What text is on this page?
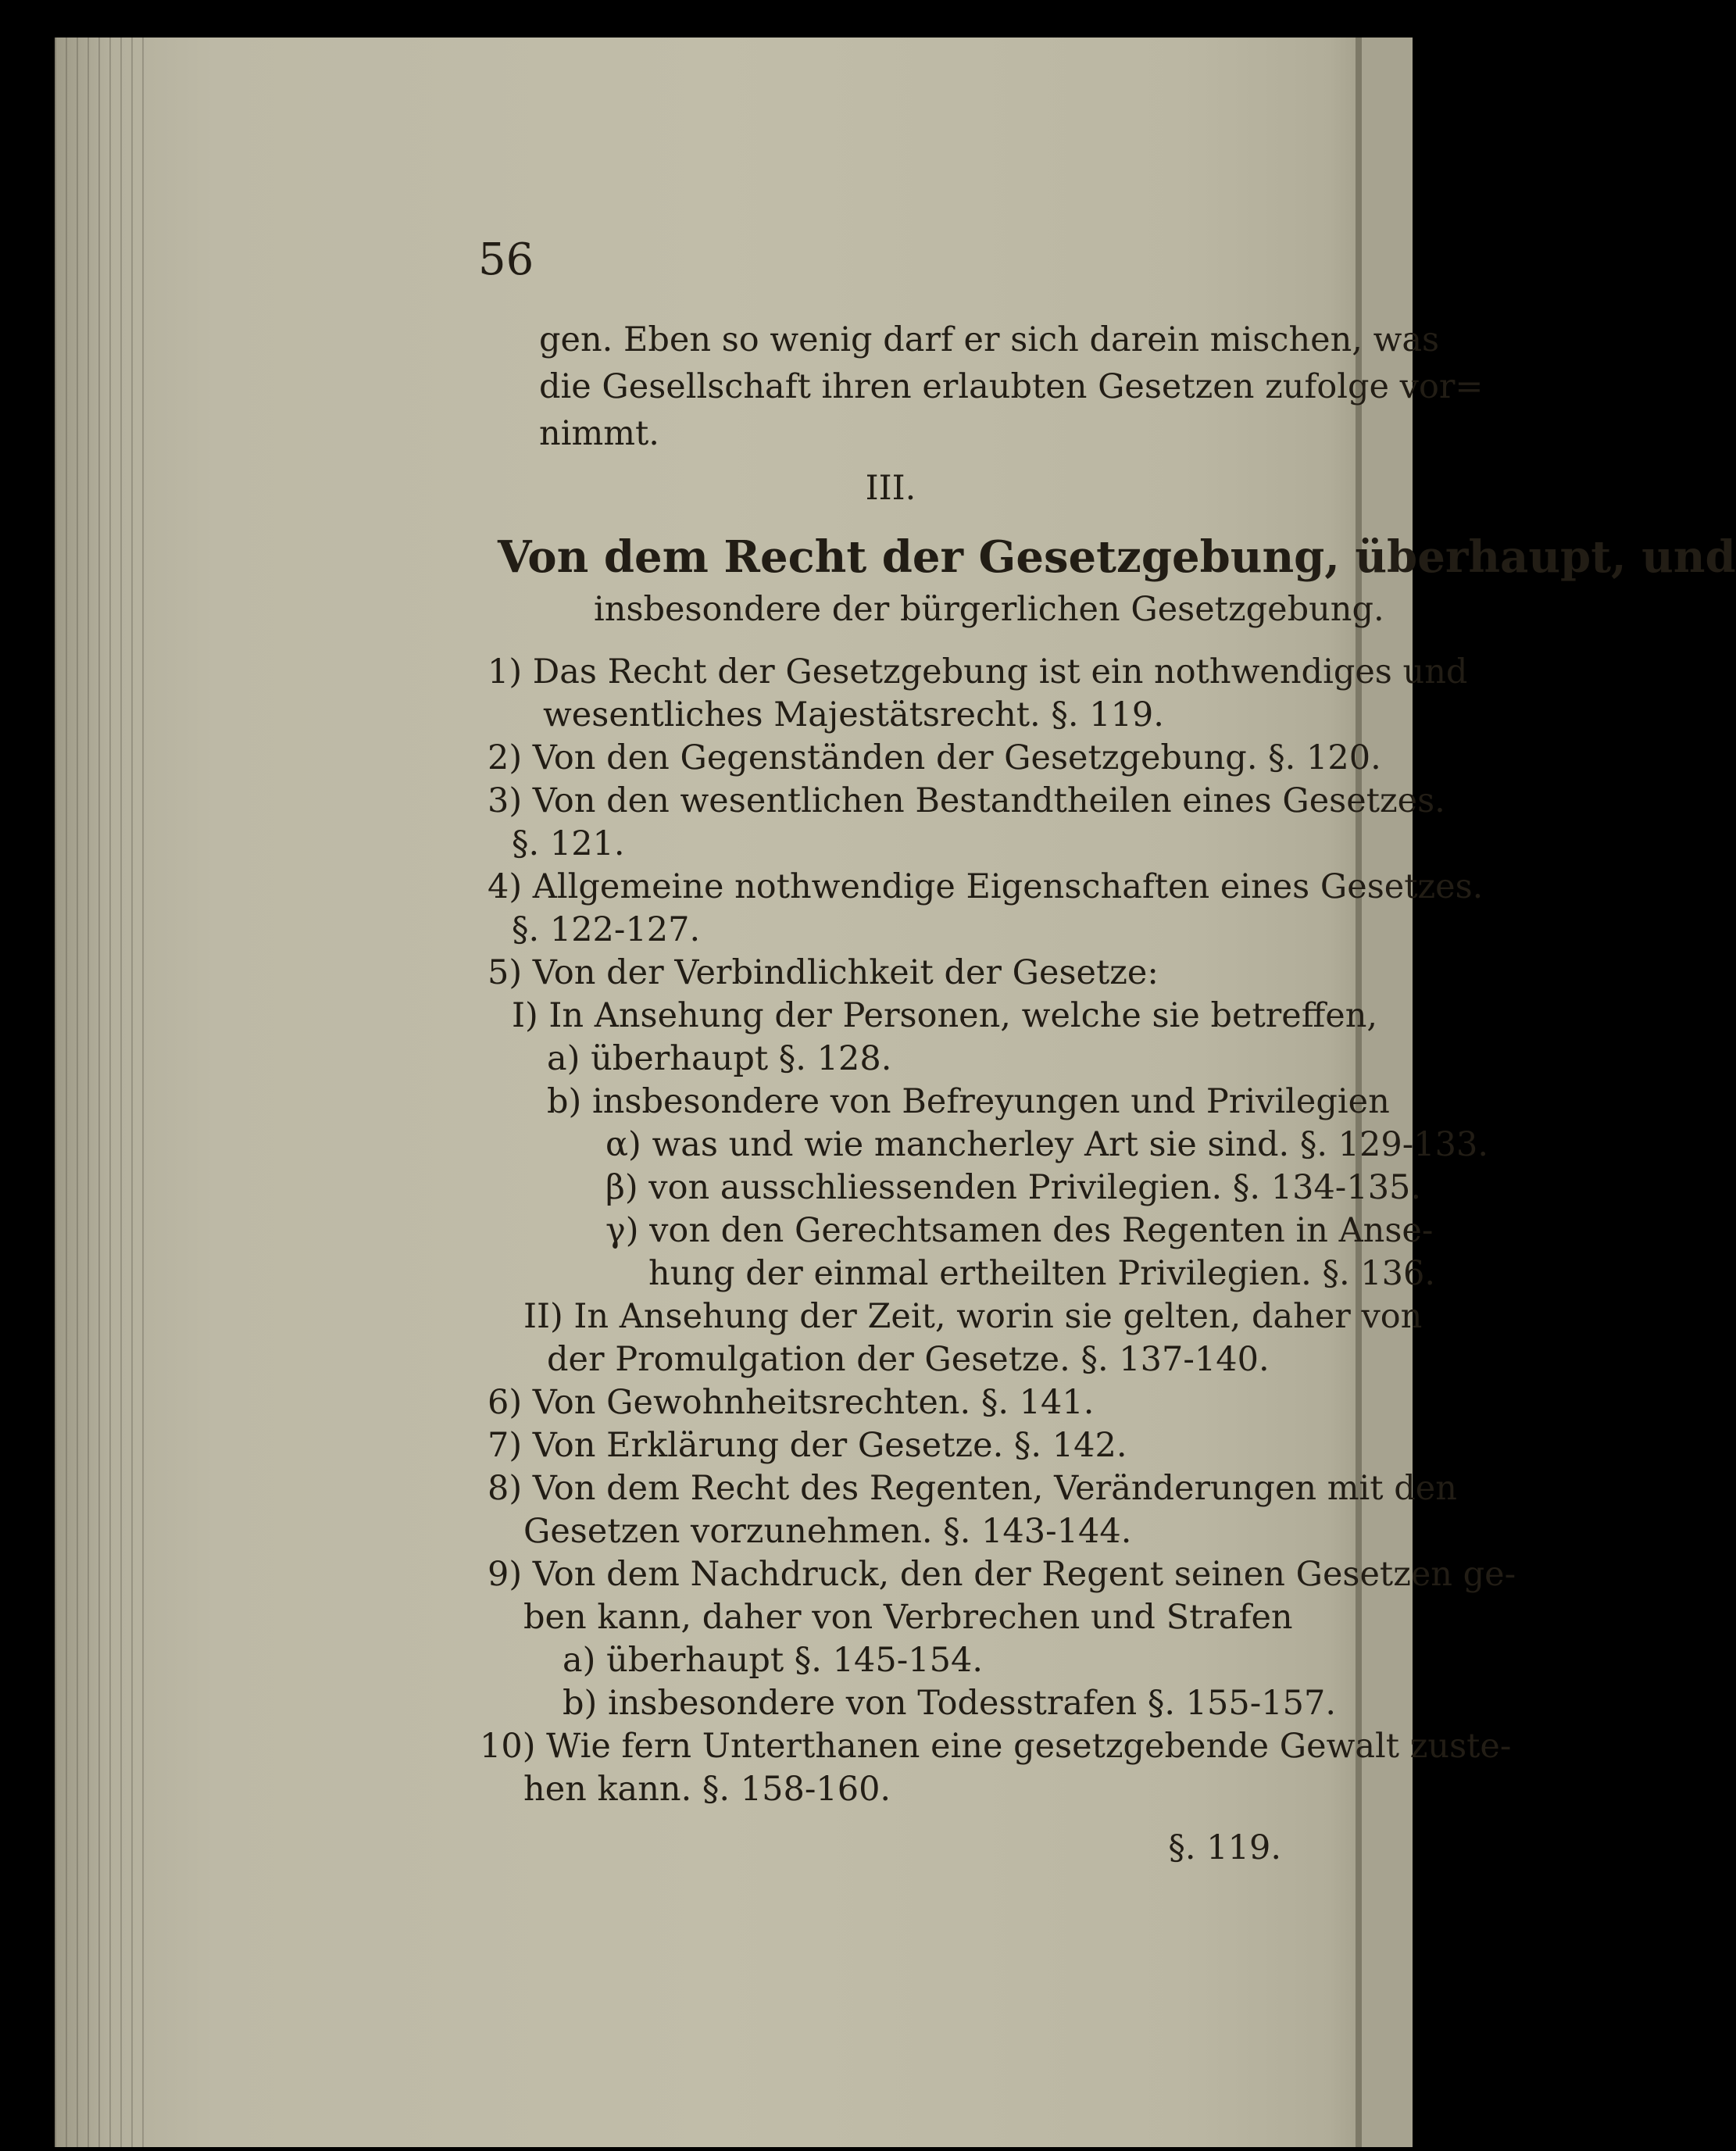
56
gen. Eben so wenig darf er sich darein mischen, was
die Gesellschaft ihren erlaubten Gesetzen zufolge vor=
nimmt.
III.
Von dem Recht der Gesetzgebung, überhaupt, und
insbesondere der bürgerlichen Gesetzgebung.
1) Das Recht der Gesetzgebung ist ein nothwendiges und
wesentliches Majestätsrecht. §. 119.
2) Von den Gegenständen der Gesetzgebung. §. 120.
3) Von den wesentlichen Bestandtheilen eines Gesetzes.
§. 121.
4) Allgemeine nothwendige Eigenschaften eines Gesetzes.
§. 122-127.
5) Von der Verbindlichkeit der Gesetze:
I) In Ansehung der Personen, welche sie betreffen,
a) überhaupt §. 128.
b) insbesondere von Befreyungen und Privilegien
α) was und wie mancherley Art sie sind. §. 129-133.
β) von ausschliessenden Privilegien. §. 134-135.
γ) von den Gerechtsamen des Regenten in Anse-
hung der einmal ertheilten Privilegien. §. 136.
II) In Ansehung der Zeit, worin sie gelten, daher von
der Promulgation der Gesetze. §. 137-140.
6) Von Gewohnheitsrechten. §. 141.
7) Von Erklärung der Gesetze. §. 142.
8) Von dem Recht des Regenten, Veränderungen mit den
Gesetzen vorzunehmen. §. 143-144.
9) Von dem Nachdruck, den der Regent seinen Gesetzen ge-
ben kann, daher von Verbrechen und Strafen
a) überhaupt §. 145-154.
b) insbesondere von Todesstrafen §. 155-157.
10) Wie fern Unterthanen eine gesetzgebende Gewalt zuste-
hen kann. §. 158-160.
§. 119.
